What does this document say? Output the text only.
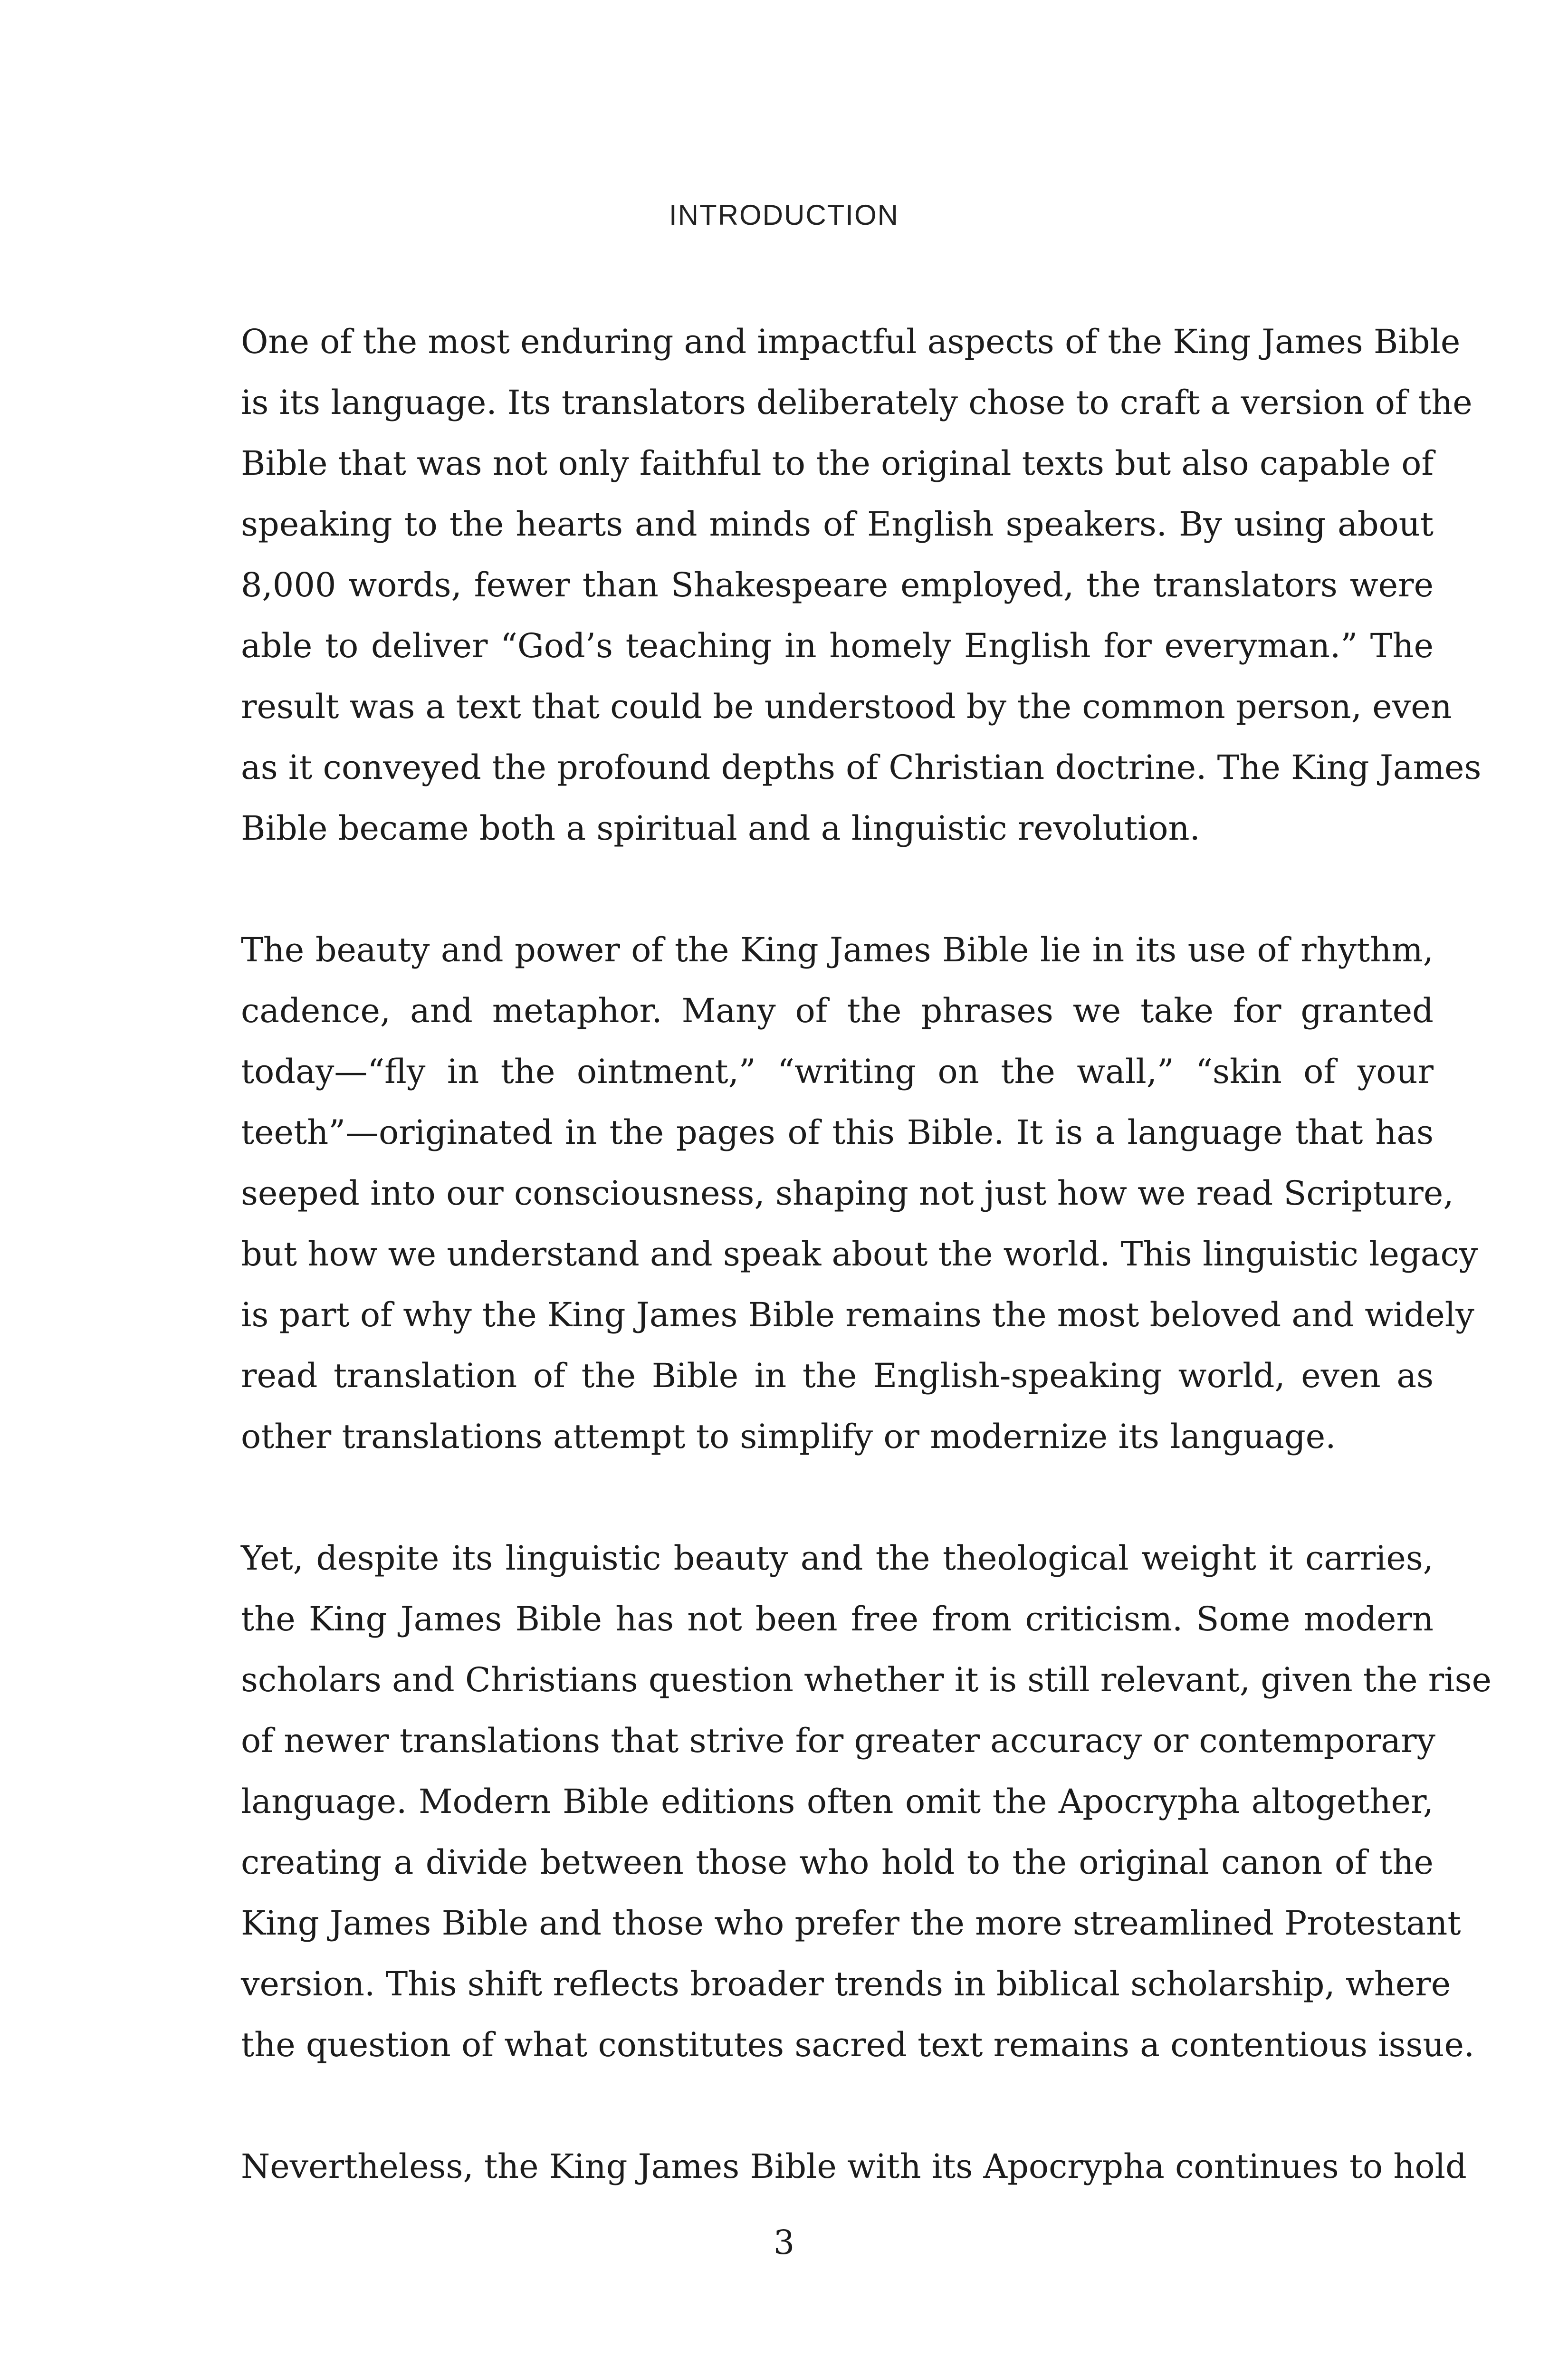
INTRODUCTION

One of the most enduring and impactful aspects of the King James Bible
is its language. Its translators deliberately chose to craft a version of the
Bible that was not only faithful to the original texts but also capable of
speaking to the hearts and minds of English speakers. By using about
8,000 words, fewer than Shakespeare employed, the translators were
able to deliver “God’s teaching in homely English for everyman.” The
result was a text that could be understood by the common person, even
as it conveyed the profound depths of Christian doctrine. The King James
Bible became both a spiritual and a linguistic revolution.

The beauty and power of the King James Bible lie in its use of rhythm,
cadence, and metaphor. Many of the phrases we take for granted
today—“fly in the ointment,” “writing on the wall,” “skin of your
teeth”—originated in the pages of this Bible. It is a language that has
seeped into our consciousness, shaping not just how we read Scripture,
but how we understand and speak about the world. This linguistic legacy
is part of why the King James Bible remains the most beloved and widely
read translation of the Bible in the English-speaking world, even as
other translations attempt to simplify or modernize its language.

Yet, despite its linguistic beauty and the theological weight it carries,
the King James Bible has not been free from criticism. Some modern
scholars and Christians question whether it is still relevant, given the rise
of newer translations that strive for greater accuracy or contemporary
language. Modern Bible editions often omit the Apocrypha altogether,
creating a divide between those who hold to the original canon of the
King James Bible and those who prefer the more streamlined Protestant
version. This shift reflects broader trends in biblical scholarship, where
the question of what constitutes sacred text remains a contentious issue.

Nevertheless, the King James Bible with its Apocrypha continues to hold

3
